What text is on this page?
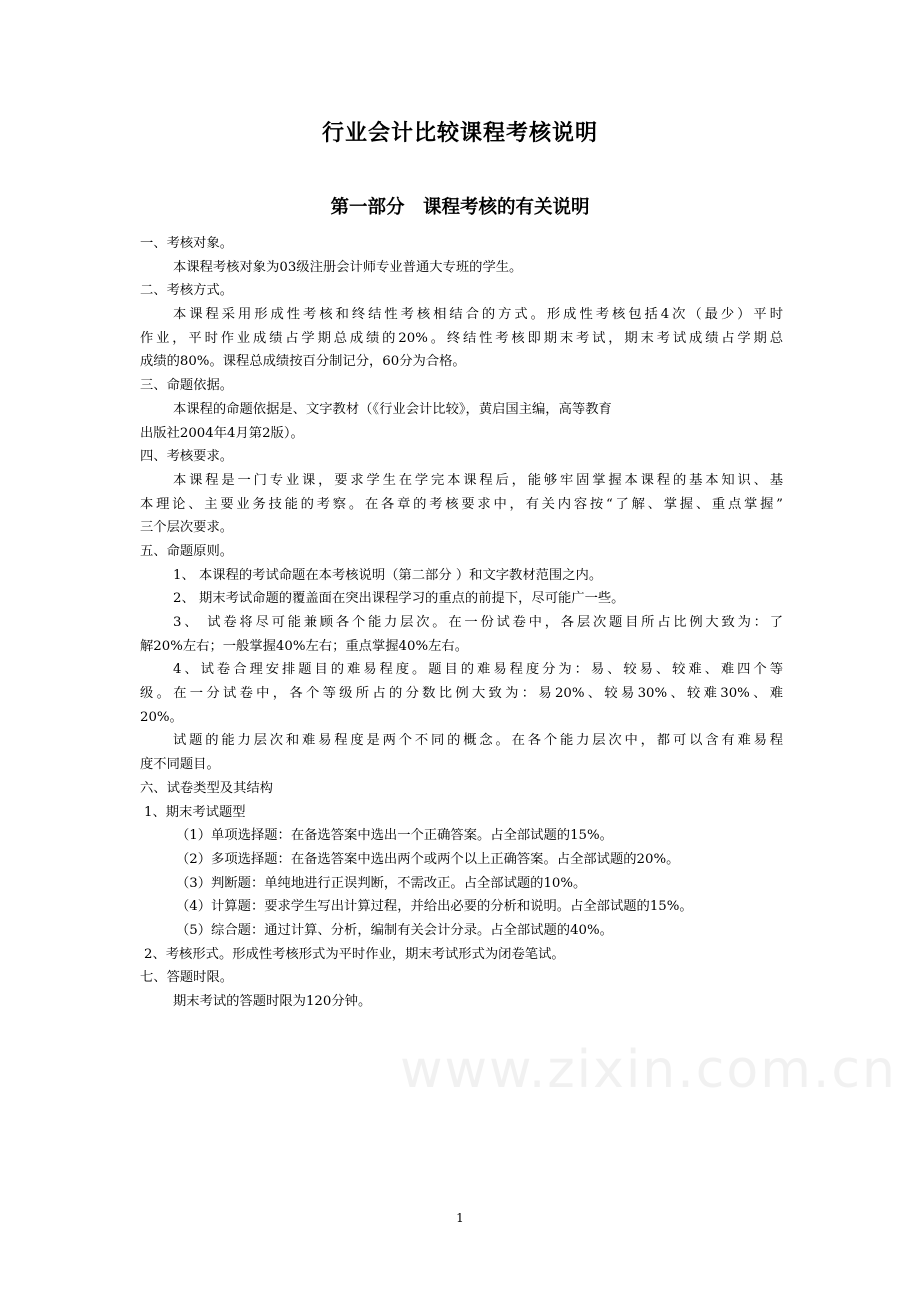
www.zixin.com.cn
行业会计比较课程考核说明
第一部分　课程考核的有关说明
一、考核对象。
本课程考核对象为03级注册会计师专业普通大专班的学生。
二、考核方式。
本课程采用形成性考核和终结性考核相结合的方式。形成性考核包括4次（最少）平时
作业，平时作业成绩占学期总成绩的20%。终结性考核即期末考试，期末考试成绩占学期总
成绩的80%。课程总成绩按百分制记分，60分为合格。
三、命题依据。
本课程的命题依据是、文字教材（《行业会计比较》，黄启国主编，高等教育
出版社2004年4月第2版）。
四、考核要求。
本课程是一门专业课，要求学生在学完本课程后，能够牢固掌握本课程的基本知识、基
本理论、主要业务技能的考察。在各章的考核要求中，有关内容按“了解、掌握、重点掌握”
三个层次要求。
五、命题原则。
1、 本课程的考试命题在本考核说明（第二部分 ）和文字教材范围之内。
2、 期末考试命题的覆盖面在突出课程学习的重点的前提下，尽可能广一些。
3、 试卷将尽可能兼顾各个能力层次。在一份试卷中，各层次题目所占比例大致为：了
解20%左右；一般掌握40%左右；重点掌握40%左右。
4、试卷合理安排题目的难易程度。题目的难易程度分为：易、较易、较难、难四个等
级。在一分试卷中，各个等级所占的分数比例大致为：易20%、较易30%、较难30%、难
20%。
试题的能力层次和难易程度是两个不同的概念。在各个能力层次中，都可以含有难易程
度不同题目。
六、试卷类型及其结构
1、期末考试题型
（1）单项选择题：在备选答案中选出一个正确答案。占全部试题的15%。
（2）多项选择题：在备选答案中选出两个或两个以上正确答案。占全部试题的20%。
（3）判断题：单纯地进行正误判断，不需改正。占全部试题的10%。
（4）计算题：要求学生写出计算过程，并给出必要的分析和说明。占全部试题的15%。
（5）综合题：通过计算、分析，编制有关会计分录。占全部试题的40%。
2、考核形式。形成性考核形式为平时作业，期末考试形式为闭卷笔试。
七、答题时限。
期末考试的答题时限为120分钟。
1
